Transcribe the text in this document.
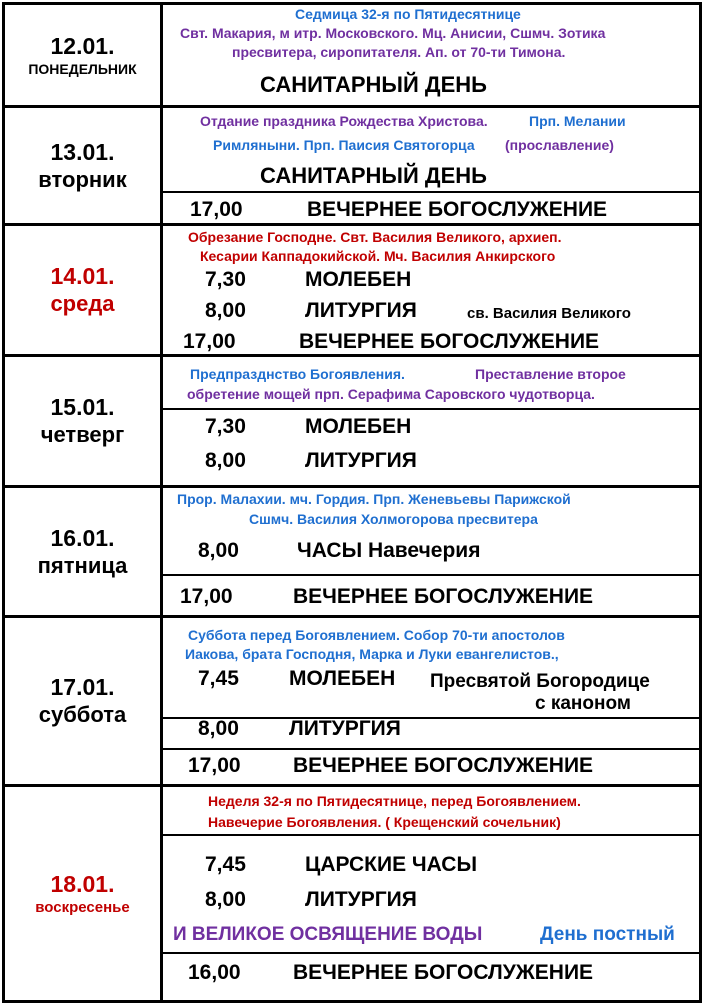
12.01.
ПОНЕДЕЛЬНИК
Седмица 32-я по Пятидесятнице
Свт. Макария, м итр. Московского. Мц. Анисии, Сшмч. Зотика
пресвитера, сиропитателя. Ап. от 70-ти Тимона.
САНИТАРНЫЙ ДЕНЬ
13.01.
вторник
Отдание праздника Рождества Христова.	Прп. Мелании
Римляныни. Прп. Паисия Святогорца (прославление)
САНИТАРНЫЙ ДЕНЬ
17,00	ВЕЧЕРНЕЕ БОГОСЛУЖЕНИЕ
14.01.
среда
Обрезание Господне. Свт. Василия Великого, архиеп.
Кесарии Каппадокийской. Мч. Василия Анкирского
7,30	МОЛЕБЕН
8,00	ЛИТУРГИЯ	св. Василия Великого
17,00	ВЕЧЕРНЕЕ БОГОСЛУЖЕНИЕ
15.01.
четверг
Предпразднство Богоявления.	Преставление второе
обретение мощей прп. Серафима Саровского чудотворца.
7,30	МОЛЕБЕН
8,00	ЛИТУРГИЯ
16.01.
пятница
Прор. Малахии. мч. Гордия. Прп. Женевьевы Парижской
Сшмч. Василия Холмогорова пресвитера
8,00	ЧАСЫ Навечерия
17,00	ВЕЧЕРНЕЕ БОГОСЛУЖЕНИЕ
17.01.
суббота
Суббота перед Богоявлением. Собор 70-ти апостолов
Иакова, брата Господня, Марка и Луки евангелистов.,
7,45 МОЛЕБЕН Пресвятой Богородице
с каноном
8,00 ЛИТУРГИЯ
17,00 ВЕЧЕРНЕЕ БОГОСЛУЖЕНИЕ
18.01.
воскресенье
Неделя 32-я по Пятидесятнице, перед Богоявлением.
Навечерие Богоявления. ( Крещенский сочельник)
7,45	ЦАРСКИЕ ЧАСЫ
8,00	ЛИТУРГИЯ
И ВЕЛИКОЕ ОСВЯЩЕНИЕ ВОДЫ	День постный
16,00 ВЕЧЕРНЕЕ БОГОСЛУЖЕНИЕ
